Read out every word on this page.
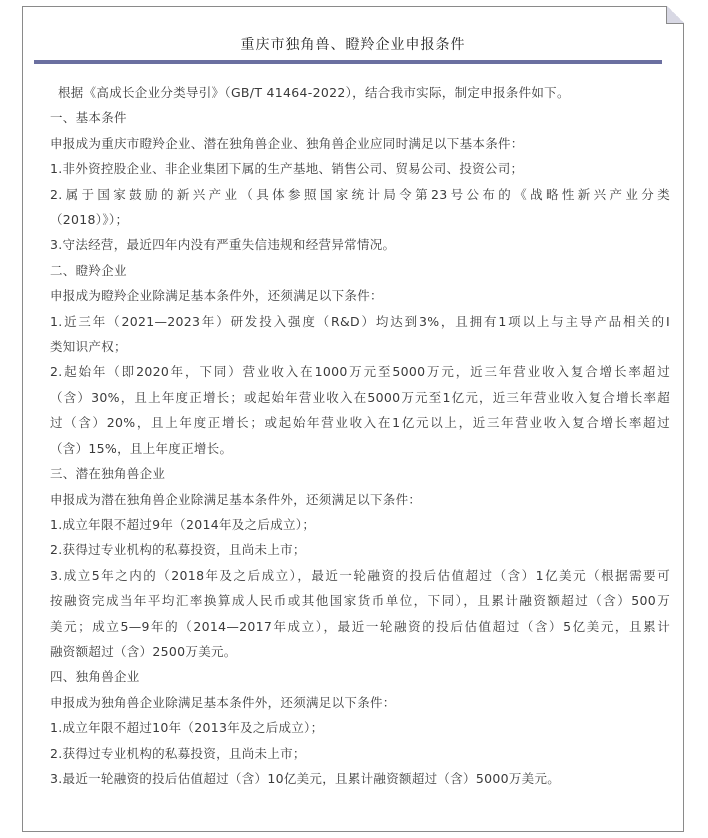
重庆市独角兽、瞪羚企业申报条件
根据《高成长企业分类导引》（GB/T 41464-2022），结合我市实际，制定申报条件如下。
一、基本条件
申报成为重庆市瞪羚企业、潜在独角兽企业、独角兽企业应同时满足以下基本条件：
1.非外资控股企业、非企业集团下属的生产基地、销售公司、贸易公司、投资公司；
2.属于国家鼓励的新兴产业（具体参照国家统计局令第23号公布的《战略性新兴产业分类
（2018）》）；
3.守法经营，最近四年内没有严重失信违规和经营异常情况。
二、瞪羚企业
申报成为瞪羚企业除满足基本条件外，还须满足以下条件：
1.近三年（2021—2023年）研发投入强度（R&D）均达到3%，且拥有1项以上与主导产品相关的Ⅰ
类知识产权；
2.起始年（即2020年，下同）营业收入在1000万元至5000万元，近三年营业收入复合增长率超过
（含）30%，且上年度正增长；或起始年营业收入在5000万元至1亿元，近三年营业收入复合增长率超
过（含）20%，且上年度正增长；或起始年营业收入在1亿元以上，近三年营业收入复合增长率超过
（含）15%，且上年度正增长。
三、潜在独角兽企业
申报成为潜在独角兽企业除满足基本条件外，还须满足以下条件：
1.成立年限不超过9年（2014年及之后成立）；
2.获得过专业机构的私募投资，且尚未上市；
3.成立5年之内的（2018年及之后成立），最近一轮融资的投后估值超过（含）1亿美元（根据需要可
按融资完成当年平均汇率换算成人民币或其他国家货币单位，下同），且累计融资额超过（含）500万
美元；成立5—9年的（2014—2017年成立），最近一轮融资的投后估值超过（含）5亿美元，且累计
融资额超过（含）2500万美元。
四、独角兽企业
申报成为独角兽企业除满足基本条件外，还须满足以下条件：
1.成立年限不超过10年（2013年及之后成立）；
2.获得过专业机构的私募投资，且尚未上市；
3.最近一轮融资的投后估值超过（含）10亿美元，且累计融资额超过（含）5000万美元。
